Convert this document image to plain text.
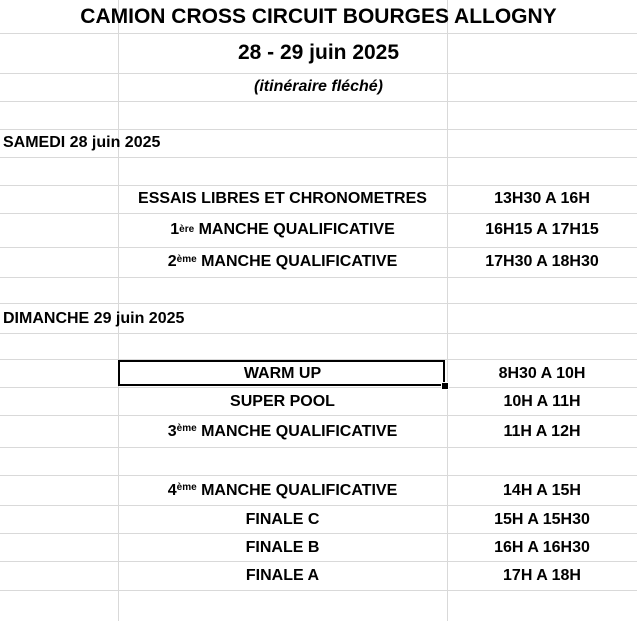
CAMION CROSS CIRCUIT BOURGES ALLOGNY
28 - 29 juin 2025
(itinéraire fléché)
SAMEDI 28 juin 2025
ESSAIS LIBRES ET CHRONOMETRES	13H30 A 16H
1 ère MANCHE QUALIFICATIVE	16H15 A 17H15
2ème MANCHE QUALIFICATIVE	17H30 A 18H30
DIMANCHE 29 juin 2025
WARM UP	8H30 A 10H
SUPER POOL	10H A 11H
3ème MANCHE QUALIFICATIVE	11H A 12H
4ème MANCHE QUALIFICATIVE	14H A 15H
FINALE C	15H A 15H30
FINALE B	16H A 16H30
FINALE A	17H A 18H
